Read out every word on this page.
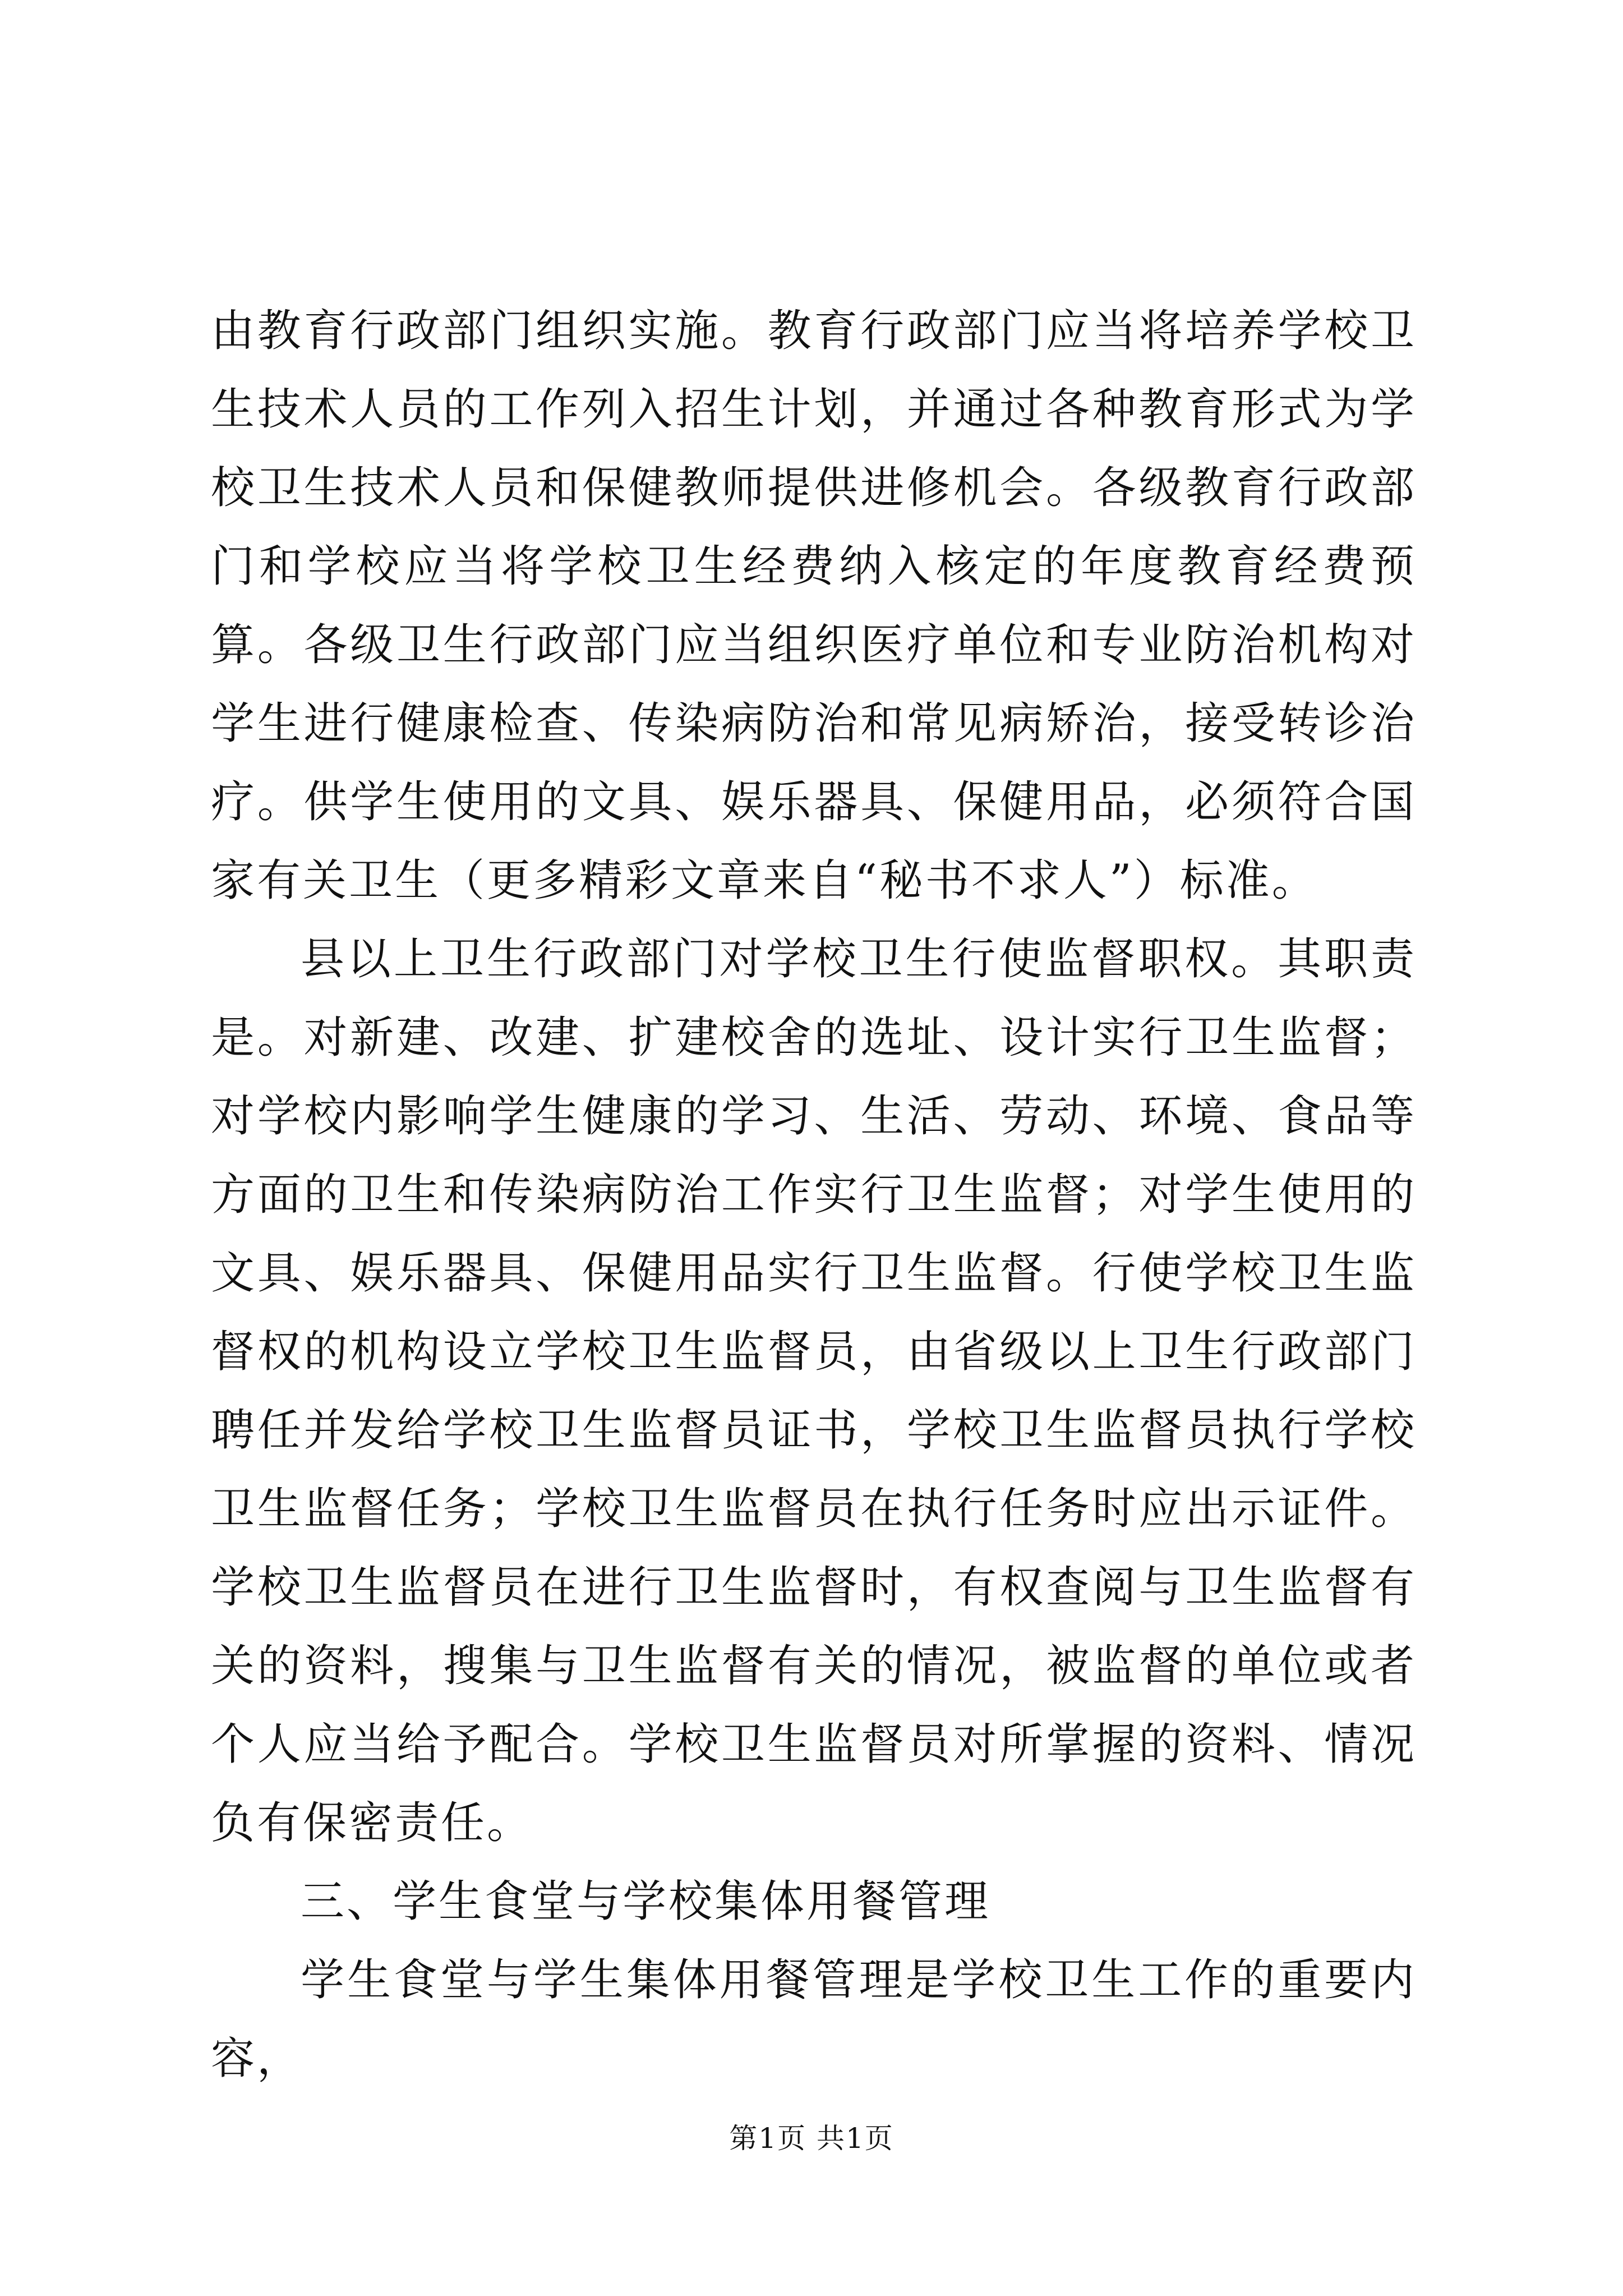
由教育行政部门组织实施。教育行政部门应当将培养学校卫生技术人员的工作列入招生计划，并通过各种教育形式为学校卫生技术人员和保健教师提供进修机会。各级教育行政部门和学校应当将学校卫生经费纳入核定的年度教育经费预算。各级卫生行政部门应当组织医疗单位和专业防治机构对学生进行健康检查、传染病防治和常见病矫治，接受转诊治疗。供学生使用的文具、娱乐器具、保健用品，必须符合国家有关卫生（更多精彩文章来自“秘书不求人”）标准。

县以上卫生行政部门对学校卫生行使监督职权。其职责是。对新建、改建、扩建校舍的选址、设计实行卫生监督；对学校内影响学生健康的学习、生活、劳动、环境、食品等方面的卫生和传染病防治工作实行卫生监督；对学生使用的文具、娱乐器具、保健用品实行卫生监督。行使学校卫生监督权的机构设立学校卫生监督员，由省级以上卫生行政部门聘任并发给学校卫生监督员证书，学校卫生监督员执行学校卫生监督任务；学校卫生监督员在执行任务时应出示证件。学校卫生监督员在进行卫生监督时，有权查阅与卫生监督有关的资料，搜集与卫生监督有关的情况，被监督的单位或者个人应当给予配合。学校卫生监督员对所掌握的资料、情况负有保密责任。

三、学生食堂与学校集体用餐管理

学生食堂与学生集体用餐管理是学校卫生工作的重要内容，

第1页 共1页
